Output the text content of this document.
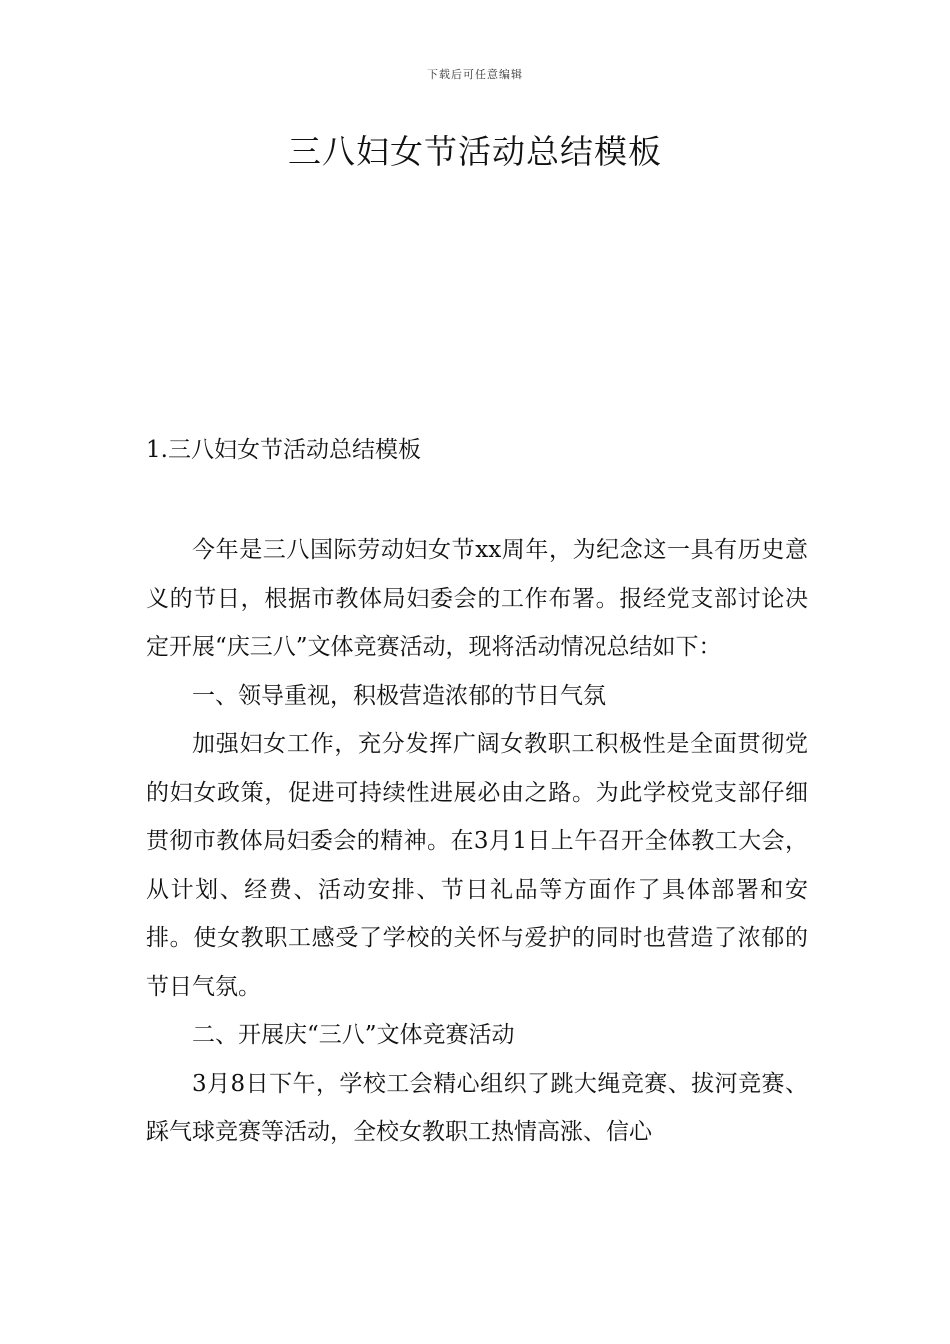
下载后可任意编辑
三八妇女节活动总结模板
1.三八妇女节活动总结模板

今年是三八国际劳动妇女节xx周年，为纪念这一具有历史意义的节日，根据市教体局妇委会的工作布署。报经党支部讨论决定开展“庆三八”文体竞赛活动，现将活动情况总结如下：

一、领导重视，积极营造浓郁的节日气氛

加强妇女工作，充分发挥广阔女教职工积极性是全面贯彻党的妇女政策，促进可持续性进展必由之路。为此学校党支部仔细贯彻市教体局妇委会的精神。在3月1日上午召开全体教工大会，从计划、经费、活动安排、节日礼品等方面作了具体部署和安排。使女教职工感受了学校的关怀与爱护的同时也营造了浓郁的节日气氛。

二、开展庆“三八”文体竞赛活动

3月8日下午，学校工会精心组织了跳大绳竞赛、拔河竞赛、踩气球竞赛等活动，全校女教职工热情高涨、信心
